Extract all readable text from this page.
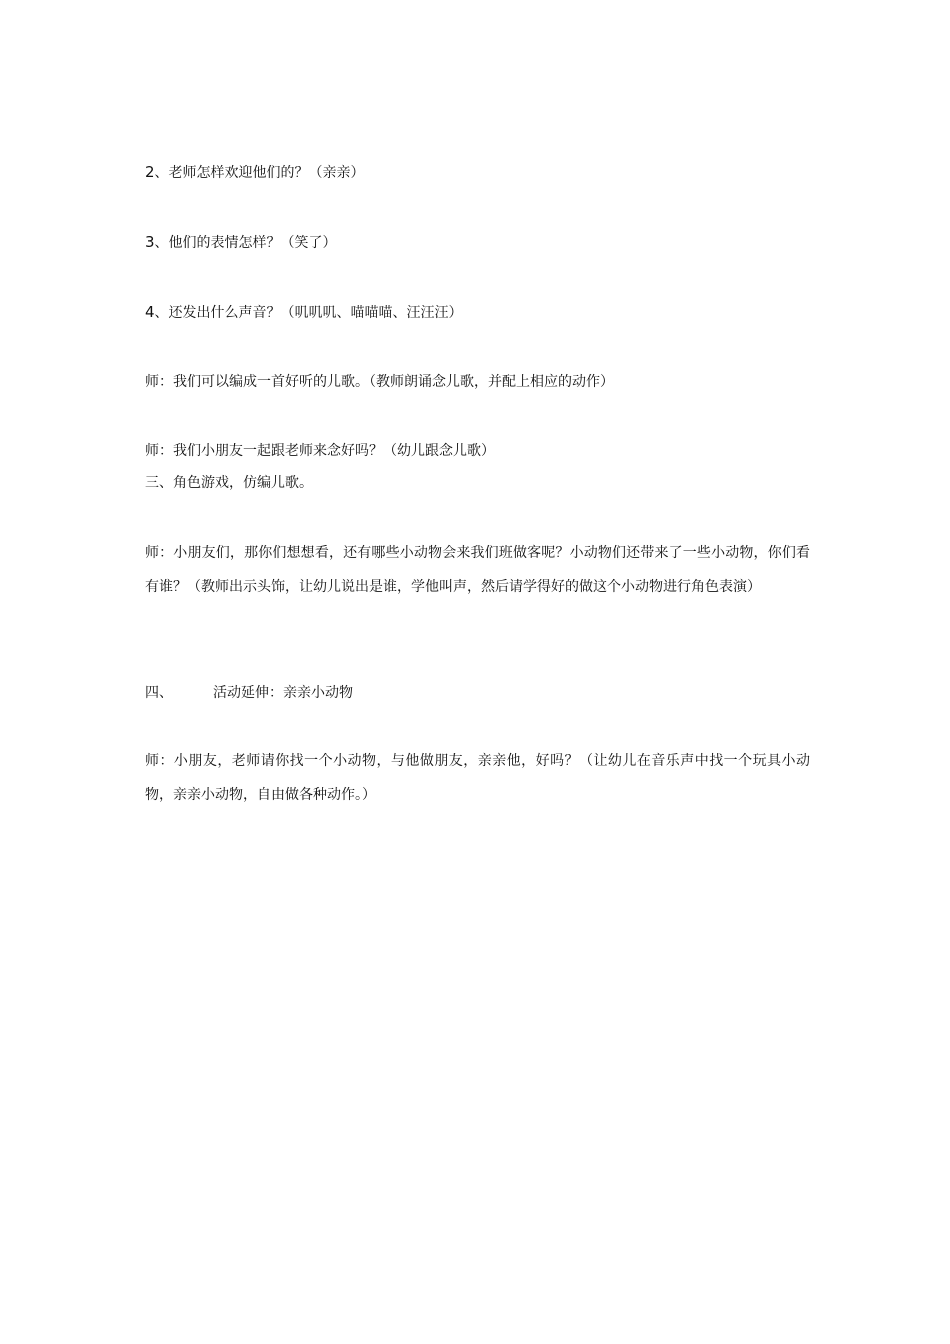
2、老师怎样欢迎他们的？（亲亲）

3、他们的表情怎样？（笑了）

4、还发出什么声音？（叽叽叽、喵喵喵、汪汪汪）

师：我们可以编成一首好听的儿歌。（教师朗诵念儿歌，并配上相应的动作）

师：我们小朋友一起跟老师来念好吗？（幼儿跟念儿歌）

三、角色游戏，仿编儿歌。

师：小朋友们，那你们想想看，还有哪些小动物会来我们班做客呢？小动物们还带来了一些小动物，你们看有谁？（教师出示头饰，让幼儿说出是谁，学他叫声，然后请学得好的做这个小动物进行角色表演）

四、	活动延伸：亲亲小动物

师：小朋友，老师请你找一个小动物，与他做朋友，亲亲他，好吗？（让幼儿在音乐声中找一个玩具小动物，亲亲小动物，自由做各种动作。）
